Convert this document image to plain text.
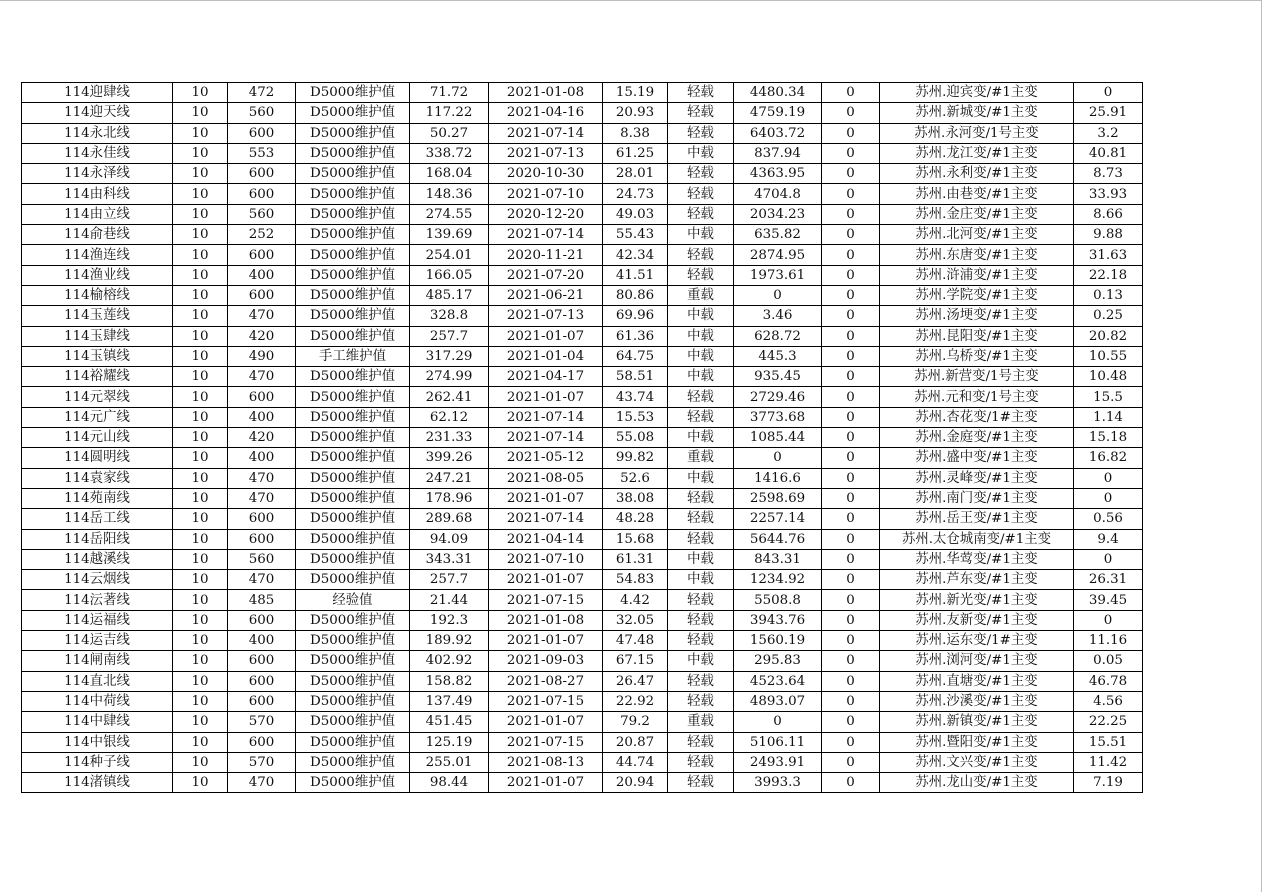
114迎肆线	10	472	D5000维护值	71.72	2021-01-08	15.19	轻载	4480.34	0	苏州.迎宾变/#1主变	0
114迎天线	10	560	D5000维护值	117.22	2021-04-16	20.93	轻载	4759.19	0	苏州.新城变/#1主变	25.91
114永北线	10	600	D5000维护值	50.27	2021-07-14	8.38	轻载	6403.72	0	苏州.永河变/1号主变	3.2
114永佳线	10	553	D5000维护值	338.72	2021-07-13	61.25	中载	837.94	0	苏州.龙江变/#1主变	40.81
114永泽线	10	600	D5000维护值	168.04	2020-10-30	28.01	轻载	4363.95	0	苏州.永利变/#1主变	8.73
114由科线	10	600	D5000维护值	148.36	2021-07-10	24.73	轻载	4704.8	0	苏州.由巷变/#1主变	33.93
114由立线	10	560	D5000维护值	274.55	2020-12-20	49.03	轻载	2034.23	0	苏州.金庄变/#1主变	8.66
114俞巷线	10	252	D5000维护值	139.69	2021-07-14	55.43	中载	635.82	0	苏州.北河变/#1主变	9.88
114渔连线	10	600	D5000维护值	254.01	2020-11-21	42.34	轻载	2874.95	0	苏州.东唐变/#1主变	31.63
114渔业线	10	400	D5000维护值	166.05	2021-07-20	41.51	轻载	1973.61	0	苏州.浒浦变/#1主变	22.18
114榆榕线	10	600	D5000维护值	485.17	2021-06-21	80.86	重载	0	0	苏州.学院变/#1主变	0.13
114玉莲线	10	470	D5000维护值	328.8	2021-07-13	69.96	中载	3.46	0	苏州.汤埂变/#1主变	0.25
114玉肆线	10	420	D5000维护值	257.7	2021-01-07	61.36	中载	628.72	0	苏州.昆阳变/#1主变	20.82
114玉镇线	10	490	手工维护值	317.29	2021-01-04	64.75	中载	445.3	0	苏州.乌桥变/#1主变	10.55
114裕耀线	10	470	D5000维护值	274.99	2021-04-17	58.51	中载	935.45	0	苏州.新营变/1号主变	10.48
114元翠线	10	600	D5000维护值	262.41	2021-01-07	43.74	轻载	2729.46	0	苏州.元和变/1号主变	15.5
114元广线	10	400	D5000维护值	62.12	2021-07-14	15.53	轻载	3773.68	0	苏州.杏花变/1#主变	1.14
114元山线	10	420	D5000维护值	231.33	2021-07-14	55.08	中载	1085.44	0	苏州.金庭变/#1主变	15.18
114圆明线	10	400	D5000维护值	399.26	2021-05-12	99.82	重载	0	0	苏州.盛中变/#1主变	16.82
114袁家线	10	470	D5000维护值	247.21	2021-08-05	52.6	中载	1416.6	0	苏州.灵峰变/#1主变	0
114苑南线	10	470	D5000维护值	178.96	2021-01-07	38.08	轻载	2598.69	0	苏州.南门变/#1主变	0
114岳工线	10	600	D5000维护值	289.68	2021-07-14	48.28	轻载	2257.14	0	苏州.岳王变/#1主变	0.56
114岳阳线	10	600	D5000维护值	94.09	2021-04-14	15.68	轻载	5644.76	0	苏州.太仓城南变/#1主变	9.4
114越溪线	10	560	D5000维护值	343.31	2021-07-10	61.31	中载	843.31	0	苏州.华莺变/#1主变	0
114云烟线	10	470	D5000维护值	257.7	2021-01-07	54.83	中载	1234.92	0	苏州.芦东变/#1主变	26.31
114沄著线	10	485	经验值	21.44	2021-07-15	4.42	轻载	5508.8	0	苏州.新光变/#1主变	39.45
114运福线	10	600	D5000维护值	192.3	2021-01-08	32.05	轻载	3943.76	0	苏州.友新变/#1主变	0
114运吉线	10	400	D5000维护值	189.92	2021-01-07	47.48	轻载	1560.19	0	苏州.运东变/1#主变	11.16
114闸南线	10	600	D5000维护值	402.92	2021-09-03	67.15	中载	295.83	0	苏州.浏河变/#1主变	0.05
114直北线	10	600	D5000维护值	158.82	2021-08-27	26.47	轻载	4523.64	0	苏州.直塘变/#1主变	46.78
114中荷线	10	600	D5000维护值	137.49	2021-07-15	22.92	轻载	4893.07	0	苏州.沙溪变/#1主变	4.56
114中肆线	10	570	D5000维护值	451.45	2021-01-07	79.2	重载	0	0	苏州.新镇变/#1主变	22.25
114中银线	10	600	D5000维护值	125.19	2021-07-15	20.87	轻载	5106.11	0	苏州.暨阳变/#1主变	15.51
114种子线	10	570	D5000维护值	255.01	2021-08-13	44.74	轻载	2493.91	0	苏州.文兴变/#1主变	11.42
114渚镇线	10	470	D5000维护值	98.44	2021-01-07	20.94	轻载	3993.3	0	苏州.龙山变/#1主变	7.19
